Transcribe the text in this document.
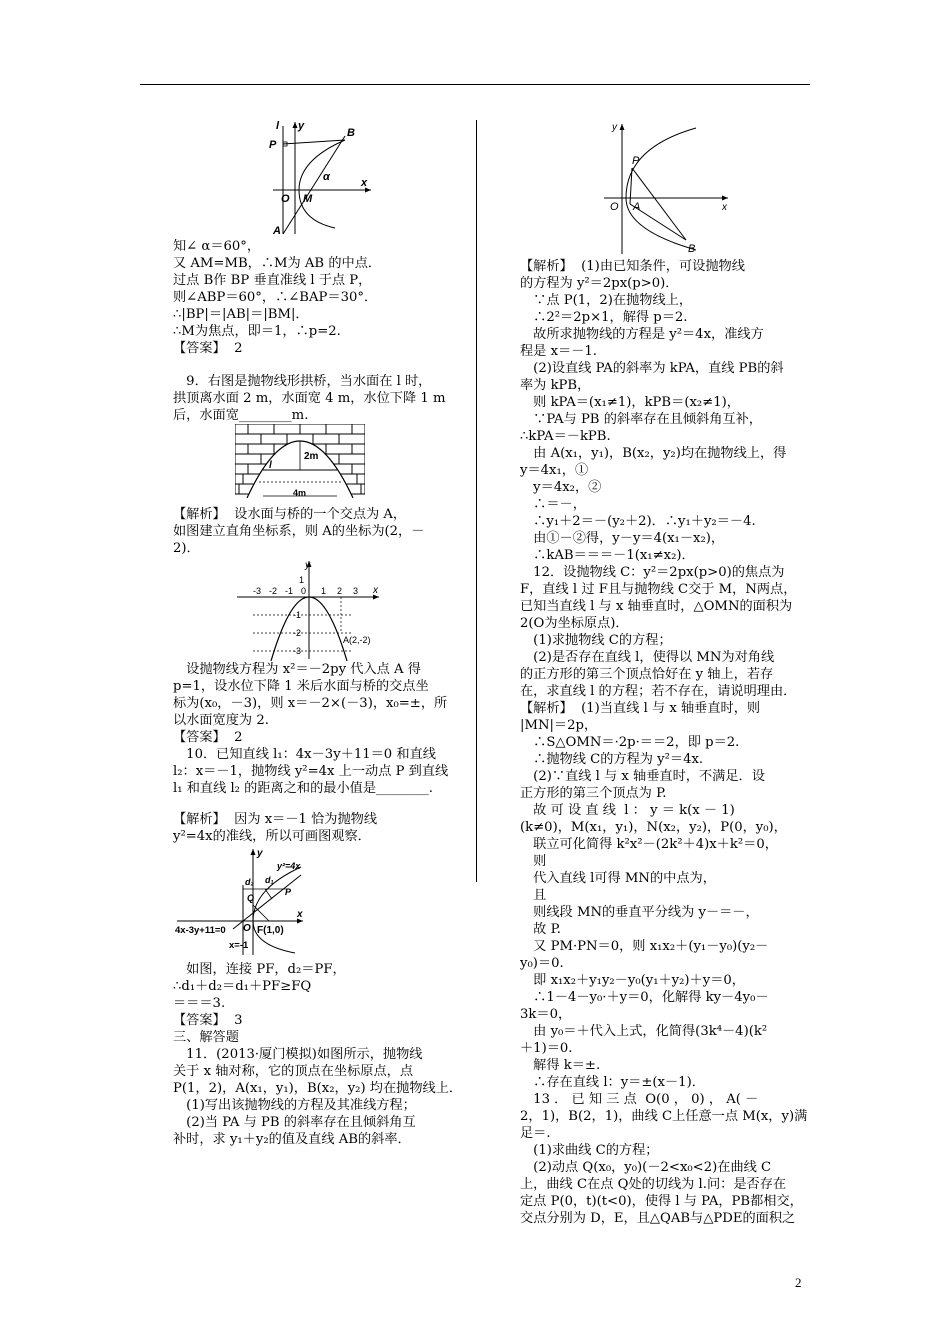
l y
P
B
α
O M
x
A

知∠ α＝60°，

又 AM=MB，∴M为 AB 的中点．

过点 B作 BP 垂直准线 l 于点 P，

则∠ABP＝60°，∴∠BAP＝30°．

∴|BP|＝|AB|＝|BM|．

∴M为焦点，即＝1，∴p=2.

【答案】  2

　9．右图是抛物线形拱桥，当水面在 l 时，

拱顶离水面 2 m，水面宽 4 m，水位下降 1 m

后，水面宽________m.

2m
l
4m

【解析】  设水面与桥的一个交点为 A，

如图建立直角坐标系，则 A的坐标为(2，－

2)．

y
x
-3 -2 -1 0 1 2 3
1
-1
-2
-3
A(2,-2)

　设抛物线方程为 x²＝－2py 代入点 A 得

p=1，设水位下降 1 米后水面与桥的交点坐

标为(x₀，－3)，则 x＝－2×(－3)，x₀=±，所

以水面宽度为 2.

【答案】  2

　10．已知直线 l₁：4x－3y＋11＝0 和直线

l₂：x＝－1，抛物线 y²=4x 上一动点 P 到直线

l₁ 和直线 l₂ 的距离之和的最小值是________.

【解析】  因为 x＝－1 恰为抛物线

y²=4x的准线，所以可画图观察．

y
d₁
d₂
y²=4x
P
Q
O F(1,0)
x
4x-3y+11=0
x=-1

　如图，连接 PF，d₂＝PF，

∴d₁＋d₂＝d₁＋PF≥FQ

＝＝＝3.

【答案】  3

三、解答题

　11．(2013·厦门模拟)如图所示，抛物线

关于 x 轴对称，它的顶点在坐标原点，点

P(1，2)，A(x₁，y₁)，B(x₂，y₂) 均在抛物线上．

　(1)写出该抛物线的方程及其准线方程；

　(2)当 PA 与 PB 的斜率存在且倾斜角互

补时，求 y₁＋y₂的值及直线 AB的斜率．

y
P
O A	x
B

【解析】  (1)由已知条件，可设抛物线

的方程为 y²＝2px(p>0)．

　∵点 P(1，2)在抛物线上，

　∴2²＝2p×1，解得 p＝2.

　故所求抛物线的方程是 y²＝4x，准线方

程是 x＝－1.

　(2)设直线 PA的斜率为 kPA，直线 PB的斜

率为 kPB，

　则 kPA＝(x₁≠1)，kPB＝(x₂≠1)，

　∵PA与 PB 的斜率存在且倾斜角互补，

∴kPA＝－kPB.

　由 A(x₁，y₁)，B(x₂，y₂)均在抛物线上，得

y＝4x₁，①

　y＝4x₂，②

　∴＝－，

　∴y₁＋2＝－(y₂＋2)．∴y₁＋y₂＝－4.

　由①－②得，y－y＝4(x₁－x₂)，

　∴kAB＝＝＝－1(x₁≠x₂)．

　12．设抛物线 C：y²＝2px(p>0)的焦点为

F，直线 l 过 F且与抛物线 C交于 M，N两点，

已知当直线 l 与 x 轴垂直时，△OMN的面积为

2(O为坐标原点)．

　(1)求抛物线 C的方程；

　(2)是否存在直线 l，使得以 MN为对角线

的正方形的第三个顶点恰好在 y 轴上，若存

在，求直线 l 的方程；若不存在，请说明理由．

【解析】  (1)当直线 l 与 x 轴垂直时，则

|MN|＝2p，

　∴S△OMN＝·2p·＝＝2，即 p＝2.

　∴抛物线 C的方程为 y²＝4x.

　(2)∵直线 l 与 x 轴垂直时，不满足．设

正方形的第三个顶点为 P.

　故 可 设 直 线  l ： y ＝ k(x － 1)

(k≠0)，M(x₁，y₁)，N(x₂，y₂)，P(0，y₀)，

　联立可化简得 k²x²－(2k²＋4)x＋k²＝0，

　则

　代入直线 l可得 MN的中点为，

　且

　则线段 MN的垂直平分线为 y－＝－，

　故 P.

　又 PM·PN＝0，则 x₁x₂＋(y₁－y₀)(y₂－

y₀)＝0.

　即 x₁x₂＋y₁y₂－y₀(y₁＋y₂)＋y＝0，

　∴1－4－y₀·＋y＝0，化解得 ky－4y₀－

3k＝0，

　由 y₀＝＋代入上式，化简得(3k⁴－4)(k²

＋1)＝0.

　解得 k＝±.

　∴存在直线 l：y＝±(x－1)．

　13 ． 已 知 三 点  O(0 ， 0) ， A( －

2，1)，B(2，1)，曲线 C上任意一点 M(x，y)满

足＝.

　(1)求曲线 C的方程；

　(2)动点 Q(x₀，y₀)(－2<x₀<2)在曲线 C

上，曲线 C在点 Q处的切线为 l.问：是否存在

定点 P(0，t)(t<0)，使得 l 与 PA，PB都相交，

交点分别为 D，E，且△QAB与△PDE的面积之

2
